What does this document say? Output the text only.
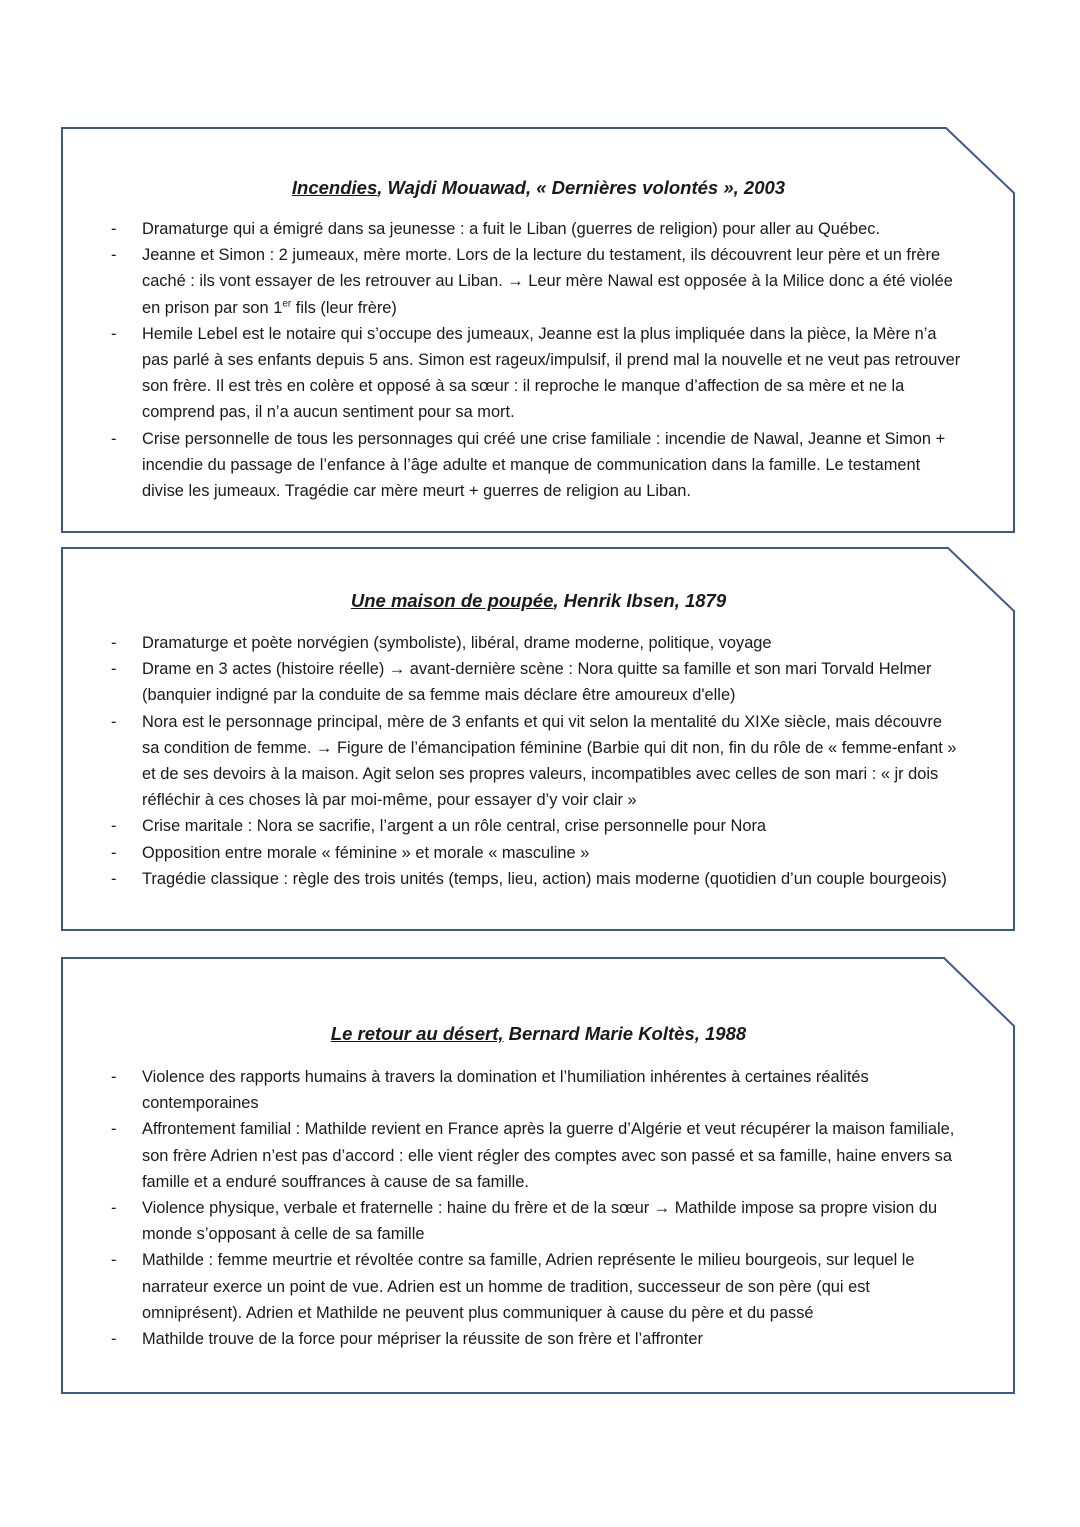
Incendies, Wajdi Mouawad, « Dernières volontés », 2003
- Dramaturge qui a émigré dans sa jeunesse : a fuit le Liban (guerres de religion) pour aller au Québec.
- Jeanne et Simon : 2 jumeaux, mère morte. Lors de la lecture du testament, ils découvrent leur père et un frère caché : ils vont essayer de les retrouver au Liban. → Leur mère Nawal est opposée à la Milice donc a été violée en prison par son 1er fils (leur frère)
- Hemile Lebel est le notaire qui s’occupe des jumeaux, Jeanne est la plus impliquée dans la pièce, la Mère n’a pas parlé à ses enfants depuis 5 ans. Simon est rageux/impulsif, il prend mal la nouvelle et ne veut pas retrouver son frère. Il est très en colère et opposé à sa sœur : il reproche le manque d’affection de sa mère et ne la comprend pas, il n’a aucun sentiment pour sa mort.
- Crise personnelle de tous les personnages qui créé une crise familiale : incendie de Nawal, Jeanne et Simon + incendie du passage de l’enfance à l’âge adulte et manque de communication dans la famille. Le testament divise les jumeaux. Tragédie car mère meurt + guerres de religion au Liban.
Une maison de poupée, Henrik Ibsen, 1879
- Dramaturge et poète norvégien (symboliste), libéral, drame moderne, politique, voyage
- Drame en 3 actes (histoire réelle) → avant-dernière scène : Nora quitte sa famille et son mari Torvald Helmer (banquier indigné par la conduite de sa femme mais déclare être amoureux d'elle)
- Nora est le personnage principal, mère de 3 enfants et qui vit selon la mentalité du XIXe siècle, mais découvre sa condition de femme. → Figure de l’émancipation féminine (Barbie qui dit non, fin du rôle de « femme-enfant » et de ses devoirs à la maison. Agit selon ses propres valeurs, incompatibles avec celles de son mari : « jr dois réfléchir à ces choses là par moi-même, pour essayer d’y voir clair »
- Crise maritale : Nora se sacrifie, l’argent a un rôle central, crise personnelle pour Nora
- Opposition entre morale « féminine » et morale « masculine »
- Tragédie classique : règle des trois unités (temps, lieu, action) mais moderne (quotidien d’un couple bourgeois)
Le retour au désert, Bernard Marie Koltès, 1988
- Violence des rapports humains à travers la domination et l’humiliation inhérentes à certaines réalités contemporaines
- Affrontement familial : Mathilde revient en France après la guerre d’Algérie et veut récupérer la maison familiale, son frère Adrien n’est pas d’accord : elle vient régler des comptes avec son passé et sa famille, haine envers sa famille et a enduré souffrances à cause de sa famille.
- Violence physique, verbale et fraternelle : haine du frère et de la sœur → Mathilde impose sa propre vision du monde s’opposant à celle de sa famille
- Mathilde : femme meurtrie et révoltée contre sa famille, Adrien représente le milieu bourgeois, sur lequel le narrateur exerce un point de vue. Adrien est un homme de tradition, successeur de son père (qui est omniprésent). Adrien et Mathilde ne peuvent plus communiquer à cause du père et du passé
- Mathilde trouve de la force pour mépriser la réussite de son frère et l’affronter
